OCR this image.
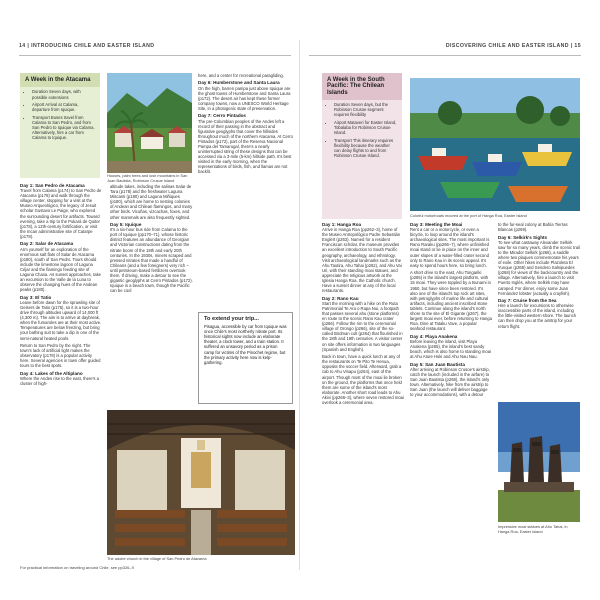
14 | INTRODUCING CHILE AND EASTER ISLAND	DISCOVERING CHILE AND EASTER ISLAND | 15
A Week in the Atacama
• Duration Seven days, with possible extensions
• Airport Arrival at Calama, departure from Iquique.
• Transport Buses travel from Calama to San Pedro, and from San Pedro to Iquique via Calama. Alternatively, hire a car from Calama to Iquique.
Houses, palm trees and lush mountains in San Juan Bautista, Robinson Crusoe Island

Day 1: San Pedro de Atacama
Travel from Calama (p174) to San Pedro de Atacama (p178) and walk through the village center, stopping for a visit at the Museo Arqueológico, the legacy of Jesuit scholar Gustavo Le Paige, who explored the surrounding desert for artifacts. Toward evening, take a trip to the Pukará de Quitor (p178), a 12th-century fortification, or visit the Incan administrative site of Catarpe (p178).

Day 2: Salar de Atacama
Arm yourself for an exploration of the enormous salt flats of Salar de Atacama (p180), south of San Pedro. Tours should include the limestone lagoon of Laguna Céjar and the flamingo feeding site of Laguna Chaxa. As sunset approaches, take an excursion to the Valle de la Luna to observe the changing hues of the Andean peaks (p180).

Day 3: El Tatio
Leave before dawn for the sprawling site of Geisers de Tatio (p175), so it is a two-hour drive through altitudes upward of 14,000 ft (4,300 m). The aim is to arrive at daybreak, when the fumaroles are at their most active. Temperatures are below freezing, but bring your bathing suit to take a dip in one of the semi-natural heated pools.

Return to San Pedro by the night. The town's lack of artificial light makes the observatory (p178) is a popular activity here. Several agencies in town offer guided tours to the best spots.

Day 4: Lakes of the Altiplano
Where the Andes rise to the east, there's a cluster of high-

altitude lakes, including the salinas Salar de Tara (p178) and the freshwater Laguna Miscanti (p180) and Laguna Miñiques (p180), which are home to nesting colonies of Andean and Chilean flamingos, and many other birds. Vicuñas, vizcachas, foxes, and other mammals are also frequently sighted.

Day 5: Iquique
It's a six-hour bus ride from Calama to the port of Iquique (pp170–71), whose historic district features an abundance of Georgian and Victorian constructions dating from the nitrate boom of the 19th and early 20th centuries. In the 1930s, miners scraped and pressed nitrates that made a handful of Chileans (and a few foreigners) very rich – until petroleum-based fertilizers overtook them. If driving, make a detour to see the gigantic geoglyphs at Cerro Pintados (p172). Iquique is a beach town, though the Pacific can be cool

The adobe church in the village of San Pedro de Atacama

here, and a center for recreational paragliding.

Day 6: Humberstone and Santa Laura
On the high, barren pampa just above Iquique are the ghost towns of Humberstone and Santa Laura (p172). The desert air has kept these former company towns, now a UNESCO World Heritage Site, in a photogenic state of preservation.

Day 7: Cerro Pintados
The pre-Columbian peoples of the Andes left a record of their passing in the abstract and figurative geoglyphs that cover the hillsides throughout much of the northern Atacama. At Cerro Pintados (p172), part of the Reserva Nacional Pampa del Tamarugal, there's a nearly uninterrupted string of these designs that can be accessed via a 3-mile (5-km) hillside path. It's best visited in the early morning, when the representations of birds, fish, and llamas are not backlit.

To extend your trip...
Pisagua, accessible by car from Iquique was once Chile's most northerly nitrate port. Its historical sights now include an elaborate theater, a clock tower, and a train station. It suffered an unsavory period as a prison camp for victims of the Pinochet regime, but the primary activity here now is kelp-gathering.
For practical information on traveling around Chile, see pp326–9
A Week in the South Pacific: The Chilean Islands
• Duration Seven days, but the Robinson Crusoe segment requires flexibility
• Airport Mataveri for Easter Island, Tobalaba for Robinson Crusoe Island.
• Transport This itinerary requires flexibility because the weather can delay flights to and from Robinson Crusoe Island.
Colorful motorboats moored at the port of Hanga Roa, Easter Island

Day 1: Hanga Roa
Arrive in Hanga Roa (pp262–3), home of the Museo Antropológico Padre Sebastián Englert (p263). Named for a resident Franciscan scholar, the museum provides an excellent introduction to South Pacific geography, archaeology, and ethnology. Visit archaeological landmarks such as the Ahu Tautira, Ahu Tahai (p262), and Ahu Vai Uri, with their standing moai statues, and appreciate the religious artwork at the Iglesia Hanga Roa, the Catholic church. Have a sunset dinner at any of the local restaurants.

Day 2: Rano Kau
Start the morning with a hike on the Ruta Patrimonial Te Ara o Rapa Nui, a footpath that passes several ahu (stone platforms) en route to the scenic Rano Kau crater (p266). Follow the rim to the ceremonial village of Orongo (p266), site of the so-called Birdman cult (p264) that flourished in the 18th and 19th centuries. A visitor center on site offers information in two languages (Spanish and English).

Back in town, have a quick lunch at any of the restaurants on Te Pito Te Henua, opposite the soccer field. Afterward, grab a cab to Ahu Vinapu (p264), east of the airport. Though most of the moai lie broken on the ground, the platforms that once held them are some of the island's most elaborate. Another short road leads to Ahu Akivi (pp266–3), where seven restored moai overlook a ceremonial area.

Day 3: Meeting the Moai
Rent a car or a motorcycle, or even a bicycle, to loop around the island's archaeological sites. The most important is Rano Raraku (pp266–7), where unfinished moai stand or lie in place on the inner and outer slopes of a water-filled crater second only to Rano Kau in its scenic appeal. It's easy to spend hours here, so bring lunch.

A short drive to the east, Ahu Tongariki (p265) is the island's largest platform, with 15 moai. They were toppled by a tsunami in 1960, but have since been restored. It's also one of the island's top rock art sites, with petroglyphs of marine life and cultural artifacts, including ancient inscribed stone tablets. Continue along the island's north shore to the site of El Gigante (p267), the largest moai ever, before returning to Hanga Roa. Dine at Tataku Vave, a popular seafood restaurant.

Day 4: Playa Anakena
Before leaving the island, visit Playa Anakena (p265), the island's best sandy beach, which is also home to standing moai at Ahu Ature Huki and Ahu Nau Nau.

Day 5: San Juan Bautista
After arriving at Robinson Crusoe's airstrip, catch the launch (included in the airfare) to San Juan Bautista (p268), the island's only town. Alternatively, hike from the airstrip to San Juan (the launch will deliver baggage to your accommodations), with a detour

to the fur-seal colony at Bahía Tierras Blancas (p269).

Day 6: Selkirk's Sights
To see what castaway Alexander Selkirk saw for so many years, climb the scenic trail to the Mirador Selkirk (p268), a saddle where two plaques commemorate his years of exile. Other hikes include Plazoleta El Yunque (p268) and Sendero Salsipuedes (p268) for views of the backcountry and the village. Alternatively, hire a launch to visit Puerto Inglés, where Selkirk may have camped. For dinner, enjoy some Juan Fernández lobster (actually a crayfish).

Day 7: Cruise from the Sea
Hire a launch for excursions to otherwise inaccessible parts of the island, including the little-visited western shore. The launch can then drop you at the airstrip for your return flight.

Impressive moai statues at Ahu Tahai, in Hanga Roa, Easter Island
